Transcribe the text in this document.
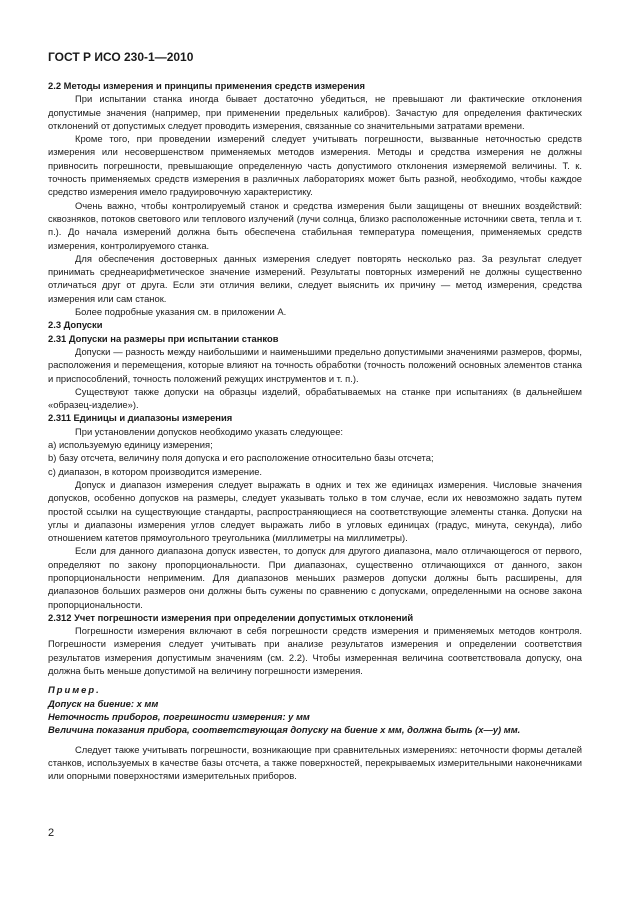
ГОСТ Р ИСО 230-1—2010

2.2 Методы измерения и принципы применения средств измерения

При испытании станка иногда бывает достаточно убедиться, не превышают ли фактические отклонения допустимые значения (например, при применении предельных калибров). Зачастую для определения фактических отклонений от допустимых следует проводить измерения, связанные со значительными затратами времени.

Кроме того, при проведении измерений следует учитывать погрешности, вызванные неточностью средств измерения или несовершенством применяемых методов измерения. Методы и средства измерения не должны привносить погрешности, превышающие определенную часть допустимого отклонения измеряемой величины. Т. к. точность применяемых средств измерения в различных лабораториях может быть разной, необходимо, чтобы каждое средство измерения имело градуировочную характеристику.

Очень важно, чтобы контролируемый станок и средства измерения были защищены от внешних воздействий: сквозняков, потоков светового или теплового излучений (лучи солнца, близко расположенные источники света, тепла и т. п.). До начала измерений должна быть обеспечена стабильная температура помещения, применяемых средств измерения, контролируемого станка.

Для обеспечения достоверных данных измерения следует повторять несколько раз. За результат следует принимать среднеарифметическое значение измерений. Результаты повторных измерений не должны существенно отличаться друг от друга. Если эти отличия велики, следует выяснить их причину — метод измерения, средства измерения или сам станок.

Более подробные указания см. в приложении А.

2.3 Допуски

2.31 Допуски на размеры при испытании станков

Допуски — разность между наибольшими и наименьшими предельно допустимыми значениями размеров, формы, расположения и перемещения, которые влияют на точность обработки (точность положений основных элементов станка и приспособлений, точность положений режущих инструментов и т. п.).

Существуют также допуски на образцы изделий, обрабатываемых на станке при испытаниях (в дальнейшем «образец-изделие»).

2.311 Единицы и диапазоны измерения

При установлении допусков необходимо указать следующее:

а) используемую единицу измерения;

b) базу отсчета, величину поля допуска и его расположение относительно базы отсчета;

c) диапазон, в котором производится измерение.

Допуск и диапазон измерения следует выражать в одних и тех же единицах измерения. Числовые значения допусков, особенно допусков на размеры, следует указывать только в том случае, если их невозможно задать путем простой ссылки на существующие стандарты, распространяющиеся на соответствующие элементы станка. Допуски на углы и диапазоны измерения углов следует выражать либо в угловых единицах (градус, минута, секунда), либо отношением катетов прямоугольного треугольника (миллиметры на миллиметры).

Если для данного диапазона допуск известен, то допуск для другого диапазона, мало отличающегося от первого, определяют по закону пропорциональности. При диапазонах, существенно отличающихся от данного, закон пропорциональности неприменим. Для диапазонов меньших размеров допуски должны быть расширены, для диапазонов больших размеров они должны быть сужены по сравнению с допусками, определенными на основе закона пропорциональности.

2.312 Учет погрешности измерения при определении допустимых отклонений

Погрешности измерения включают в себя погрешности средств измерения и применяемых методов контроля. Погрешности измерения следует учитывать при анализе результатов измерения и определении соответствия результатов измерения допустимым значениям (см. 2.2). Чтобы измеренная величина соответствовала допуску, она должна быть меньше допустимой на величину погрешности измерения.

Пример.

Допуск на биение: x мм

Неточность приборов, погрешности измерения: y мм

Величина показания прибора, соответствующая допуску на биение x мм, должна быть (x—y) мм.

Следует также учитывать погрешности, возникающие при сравнительных измерениях: неточности формы деталей станков, используемых в качестве базы отсчета, а также поверхностей, перекрываемых измерительными наконечниками или опорными поверхностями измерительных приборов.

2
